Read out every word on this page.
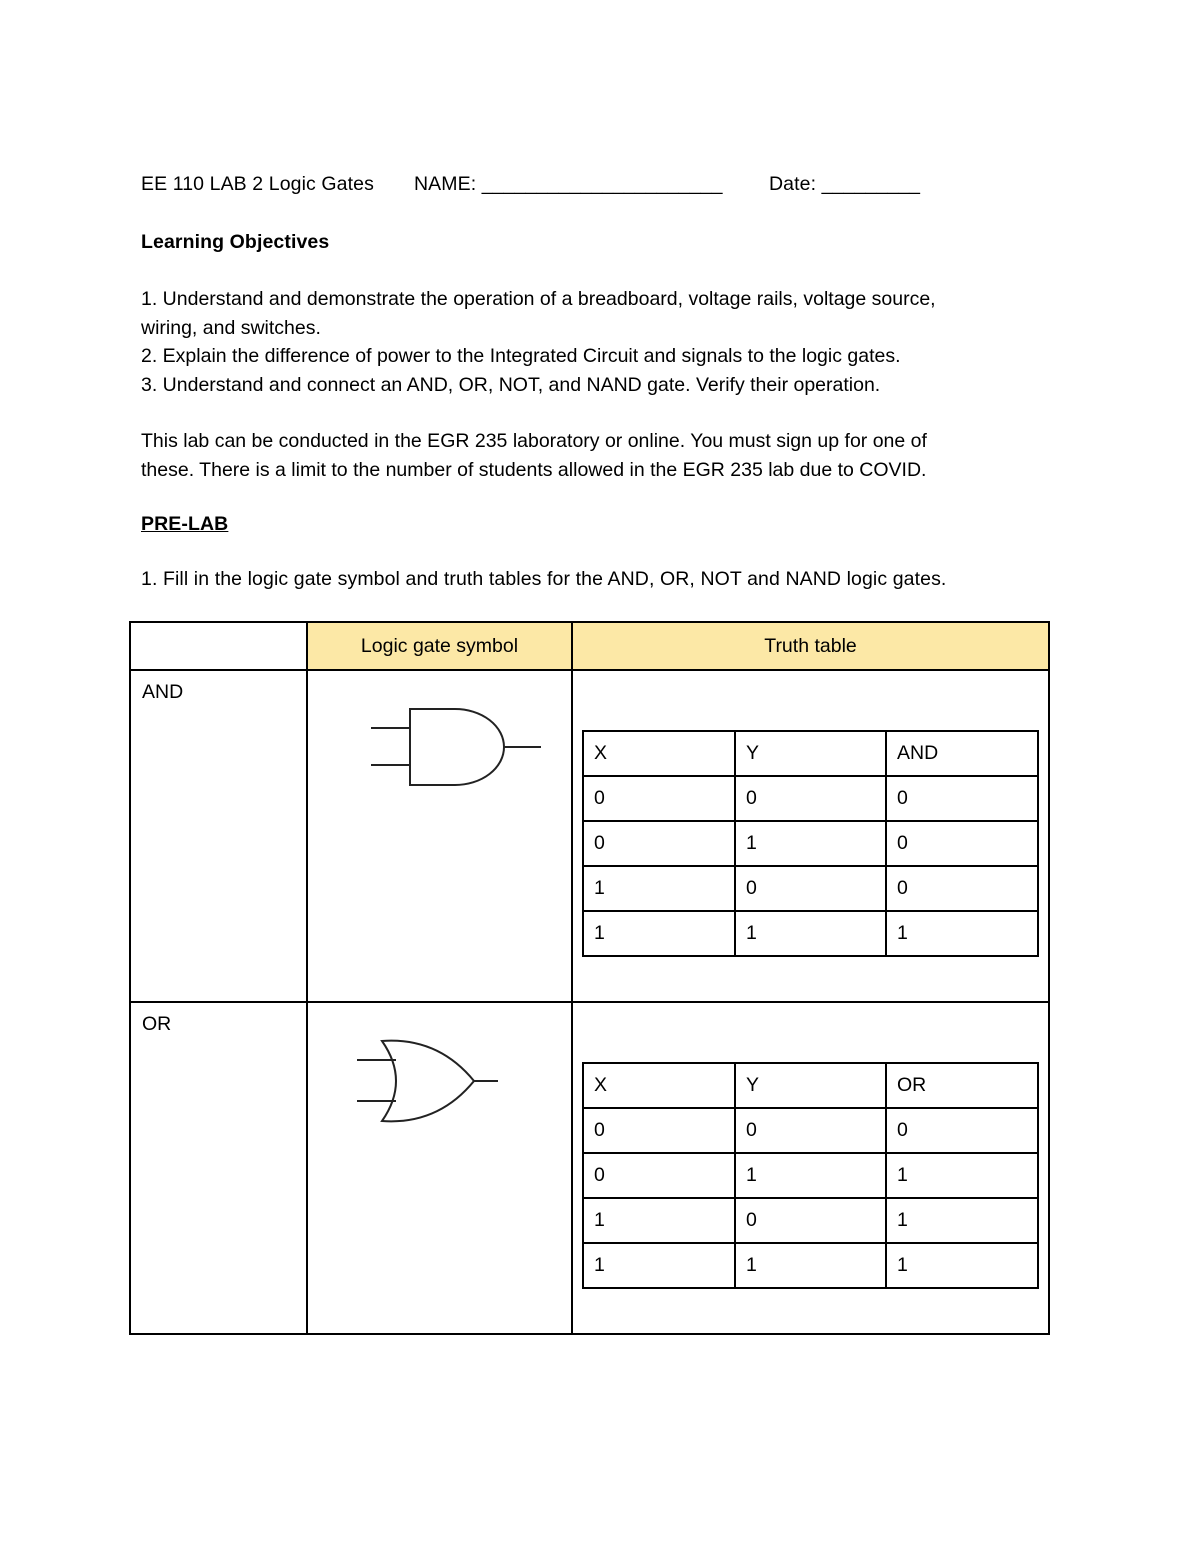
EE 110 LAB 2 Logic Gates NAME: ______________________ Date: _________
Learning Objectives
1. Understand and demonstrate the operation of a breadboard, voltage rails, voltage source,
wiring, and switches.
2. Explain the difference of power to the Integrated Circuit and signals to the logic gates.
3. Understand and connect an AND, OR, NOT, and NAND gate. Verify their operation.
This lab can be conducted in the EGR 235 laboratory or online. You must sign up for one of
these. There is a limit to the number of students allowed in the EGR 235 lab due to COVID.
PRE-LAB
1. Fill in the logic gate symbol and truth tables for the AND, OR, NOT and NAND logic gates.
	Logic gate symbol	Truth table

AND

X	Y	AND
0	0	0
0	1	0
1	0	0
1	1	1

OR

X	Y	OR
0	0	0
0	1	1
1	0	1
1	1	1
